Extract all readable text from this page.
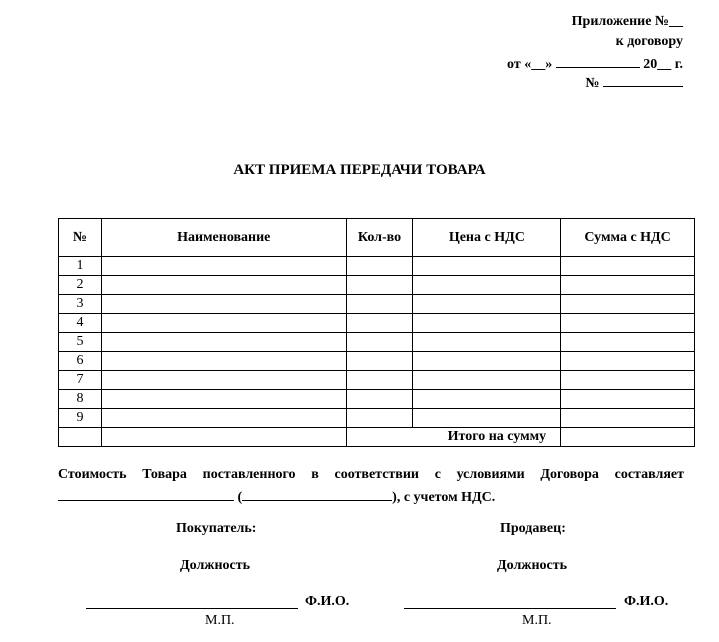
Приложение №__
к договору
от «__»	20__ г.
№
АКТ ПРИЕМА ПЕРЕДАЧИ ТОВАРА
№	Наименование	Кол-во	Цена с НДС	Сумма с НДС
1				
2				
3				
4				
5				
6				
7				
8				
9				
		Итого на сумму		
Стоимость Товара поставленного в соответствии с условиями Договора составляет
(	), с учетом НДС.
Покупатель:
Должность
Ф.И.О.
М.П.
Продавец:
Должность
Ф.И.О.
М.П.
